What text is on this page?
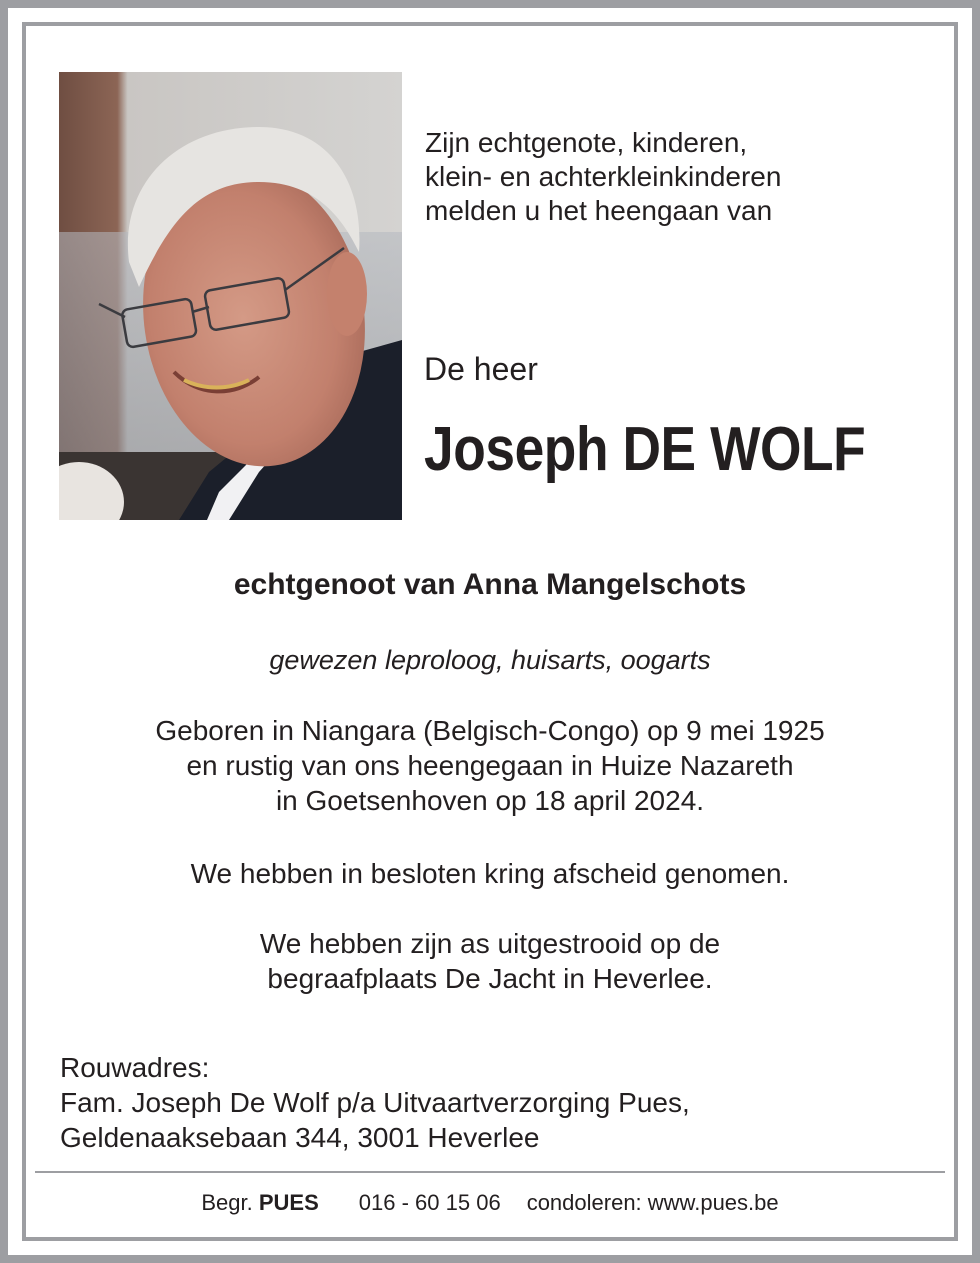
Zijn echtgenote, kinderen,
klein- en achterkleinkinderen
melden u het heengaan van
De heer
Joseph DE WOLF
echtgenoot van Anna Mangelschots
gewezen leproloog, huisarts, oogarts
Geboren in Niangara (Belgisch-Congo) op 9 mei 1925
en rustig van ons heengegaan in Huize Nazareth
in Goetsenhoven op 18 april 2024.
We hebben in besloten kring afscheid genomen.
We hebben zijn as uitgestrooid op de
begraafplaats De Jacht in Heverlee.
Rouwadres:
Fam. Joseph De Wolf p/a Uitvaartverzorging Pues,
Geldenaaksebaan 344, 3001 Heverlee
Begr. PUES 016 - 60 15 06 condoleren: www.pues.be
